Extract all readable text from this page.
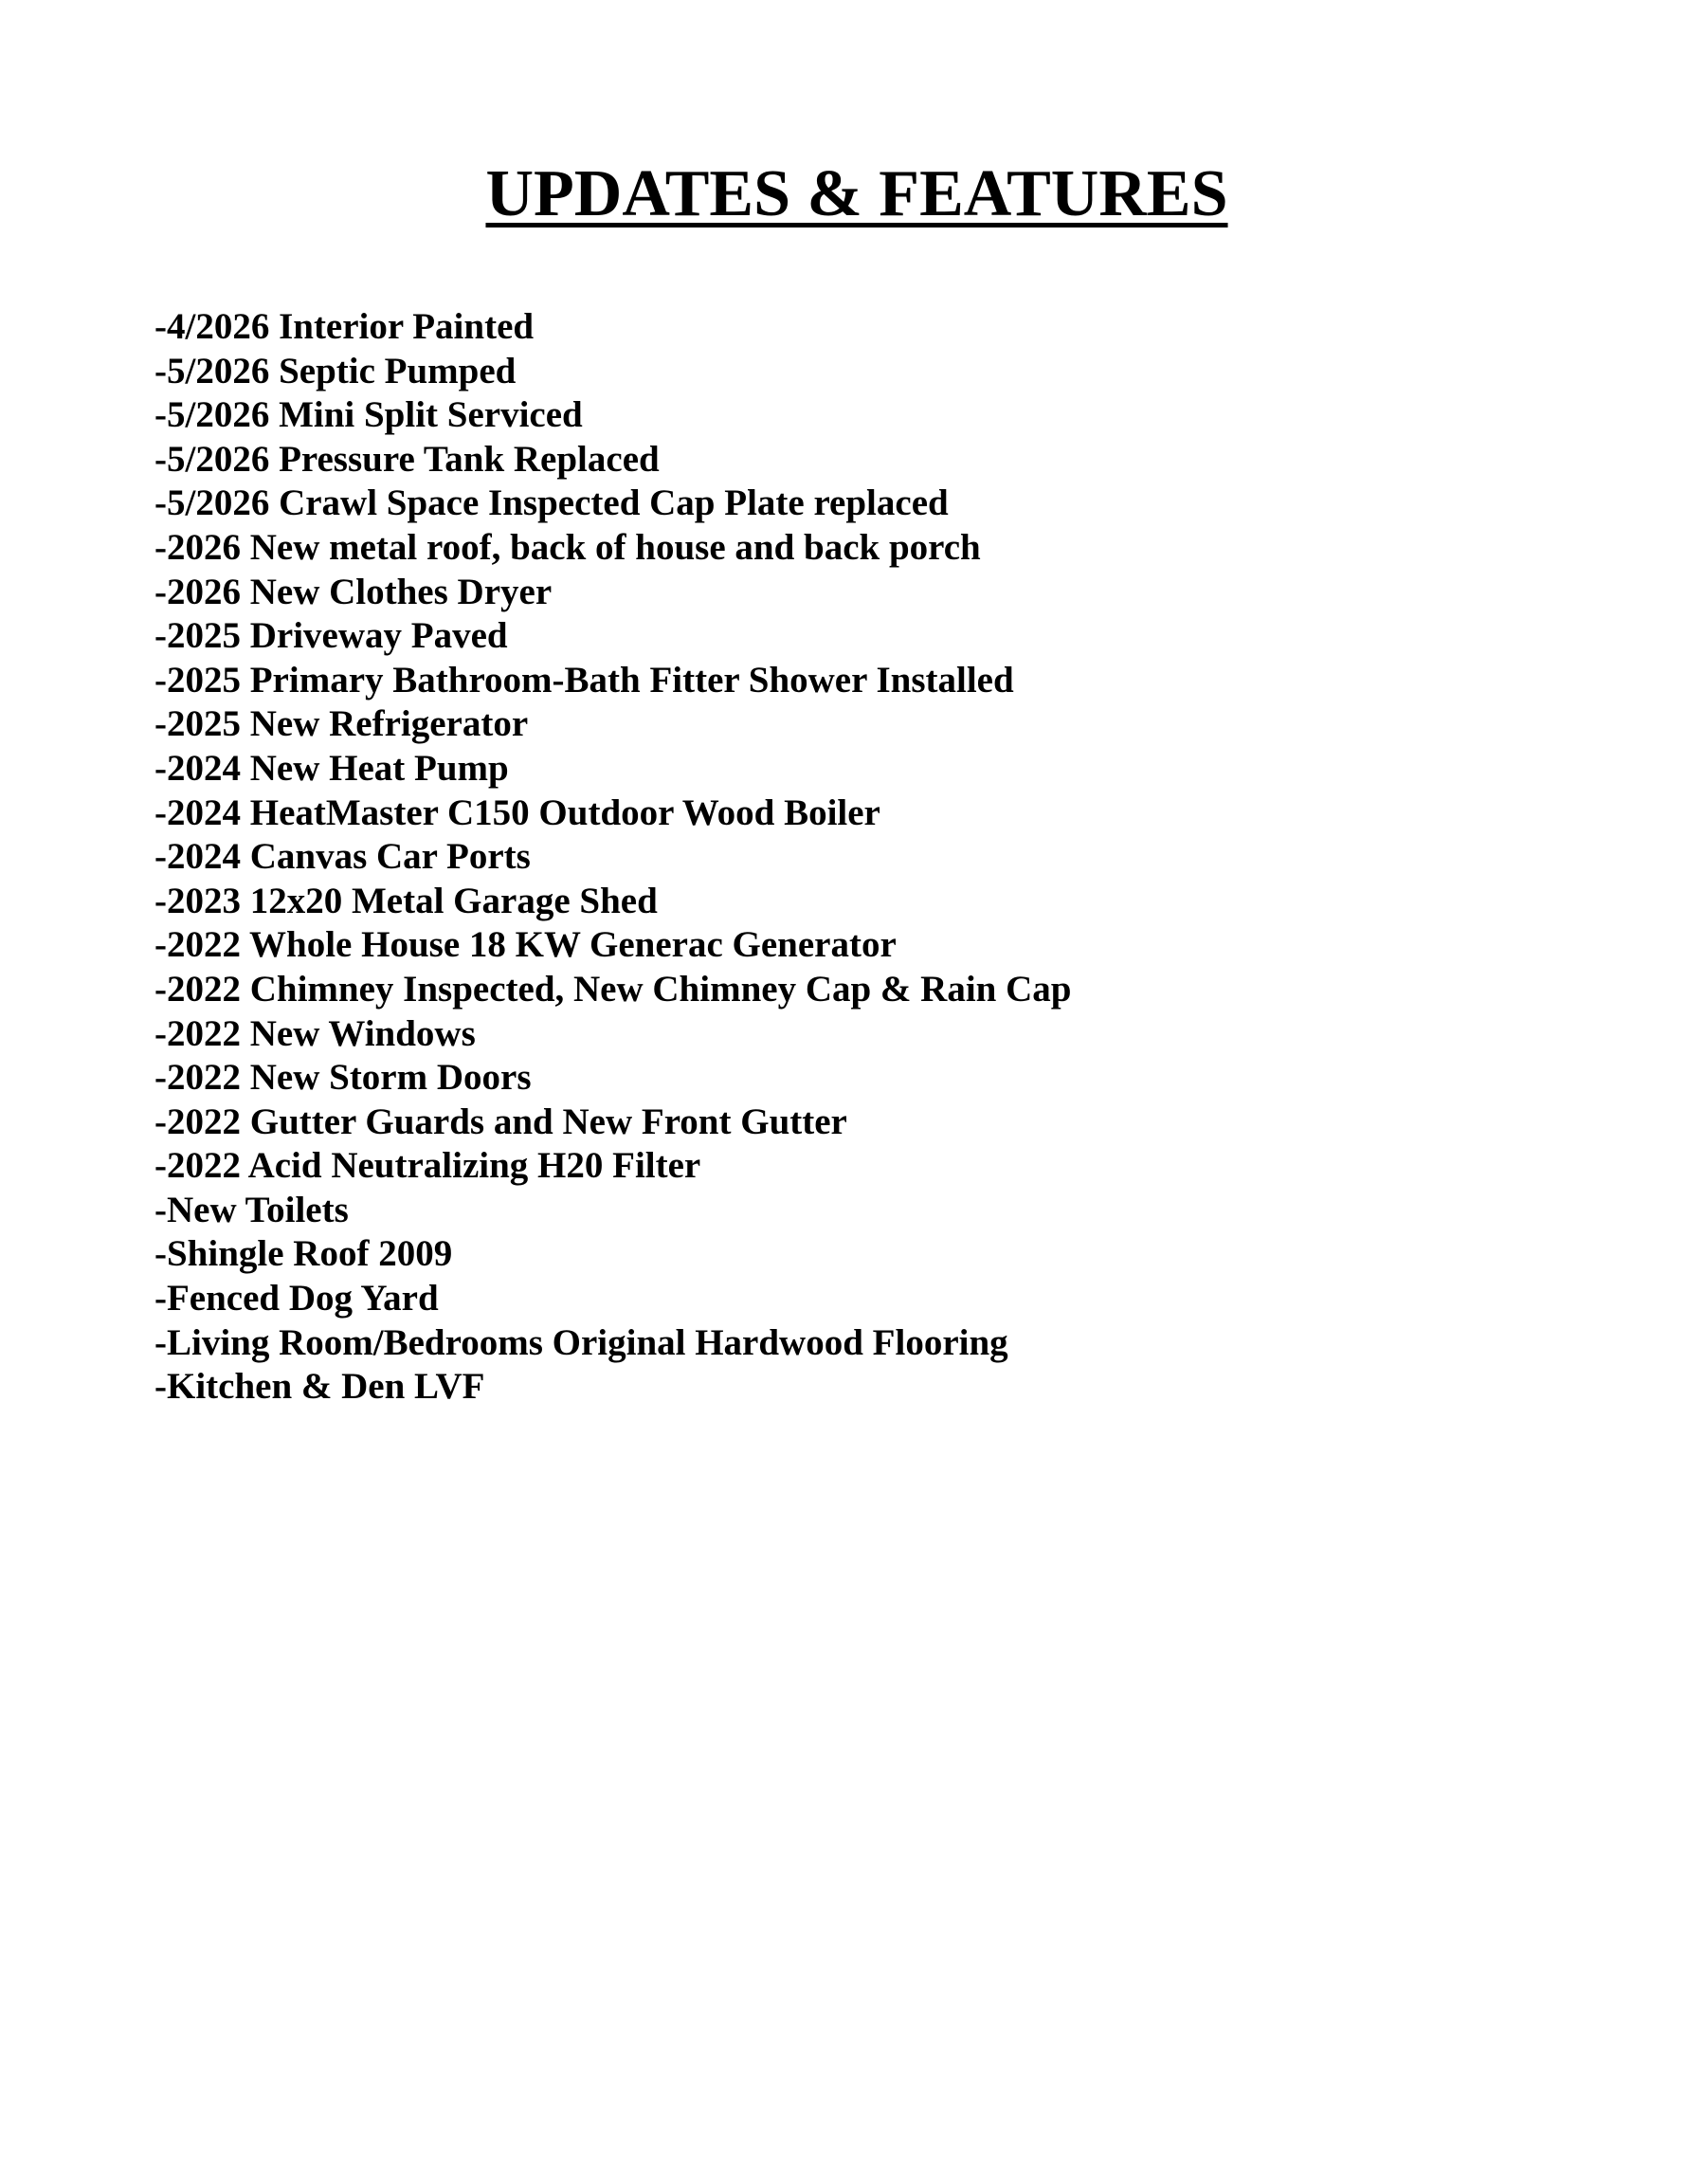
UPDATES & FEATURES
-4/2026 Interior Painted
-5/2026 Septic Pumped
-5/2026 Mini Split Serviced
-5/2026 Pressure Tank Replaced
-5/2026 Crawl Space Inspected Cap Plate replaced
-2026 New metal roof, back of house and back porch
-2026 New Clothes Dryer
-2025 Driveway Paved
-2025 Primary Bathroom-Bath Fitter Shower Installed
-2025 New Refrigerator
-2024 New Heat Pump
-2024 HeatMaster C150 Outdoor Wood Boiler
-2024 Canvas Car Ports
-2023 12x20 Metal Garage Shed
-2022 Whole House 18 KW Generac Generator
-2022 Chimney Inspected, New Chimney Cap & Rain Cap
-2022 New Windows
-2022 New Storm Doors
-2022 Gutter Guards and New Front Gutter
-2022 Acid Neutralizing H20 Filter
-New Toilets
-Shingle Roof 2009
-Fenced Dog Yard
-Living Room/Bedrooms Original Hardwood Flooring
-Kitchen & Den LVF
